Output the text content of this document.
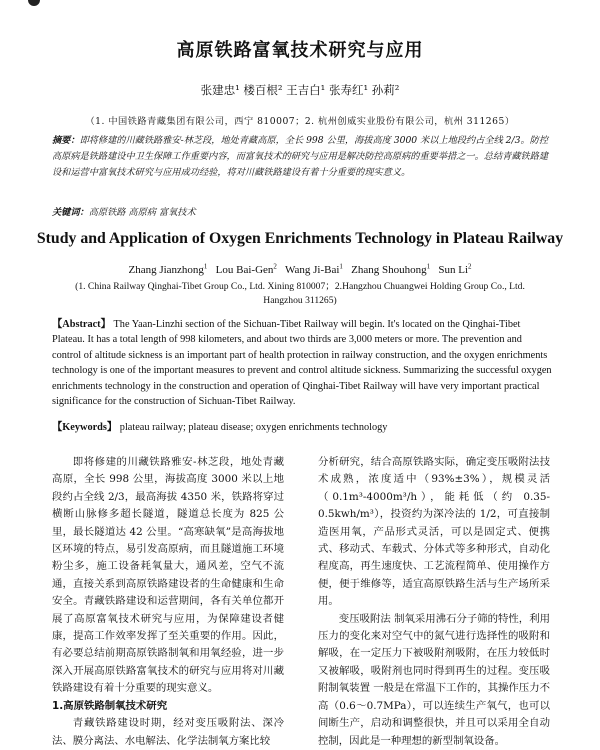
高原铁路富氧技术研究与应用
张建忠¹ 楼百根² 王吉白¹ 张寿红¹ 孙莉²
（1. 中国铁路青藏集团有限公司，西宁 810007；2. 杭州创威实业股份有限公司，杭州 311265）
摘要：即将修建的川藏铁路雅安-林芝段，地处青藏高原，全长 998 公里，海拔高度 3000 米以上地段约占全线 2/3。防控高原病是铁路建设中卫生保障工作重要内容，而富氧技术的研究与应用是解决防控高原病的重要举措之一。总结青藏铁路建设和运营中富氧技术研究与应用成功经验，将对川藏铁路建设有着十分重要的现实意义。
关键词：高原铁路 高原病 富氧技术
Study and Application of Oxygen Enrichments Technology in Plateau Railway
Zhang Jianzhong$^1$ Lou Bai-Gen$^2$ Wang Ji-Bai$^1$ Zhang Shouhong$^1$ Sun Li$^2$
(1. China Railway Qinghai-Tibet Group Co., Ltd. Xining 810007；2.Hangzhou Chuangwei Holding Group Co., Ltd. Hangzhou 311265)
【Abstract】 The Yaan-Linzhi section of the Sichuan-Tibet Railway will begin. It's located on the Qinghai-Tibet Plateau. It has a total length of 998 kilometers, and about two thirds are 3,000 meters or more. The prevention and control of altitude sickness is an important part of health protection in railway construction, and the oxygen enrichments technology is one of the important measures to prevent and control altitude sickness. Summarizing the successful oxygen enrichments technology in the construction and operation of Qinghai-Tibet Railway will have very important practical significance for the construction of Sichuan-Tibet Railway.
【Keywords】 plateau railway; plateau disease; oxygen enrichments technology

即将修建的川藏铁路雅安-林芝段，地处青藏高原，全长 998 公里，海拔高度 3000 米以上地段约占全线 2/3，最高海拔 4350 米，铁路将穿过横断山脉修多超长隧道，隧道总长度为 825 公里，最长隧道达 42 公里。“高寒缺氧”是高海拔地区环境的特点，易引发高原病，而且隧道施工环境粉尘多，施工设备耗氧量大，通风差，空气不流通，直接关系到高原铁路建设者的生命健康和生命安全。青藏铁路建设和运营期间，各有关单位都开展了高原富氧技术研究与应用，为保障建设者健康，提高工作效率发挥了至关重要的作用。因此，有必要总结前期高原铁路制氧和用氧经验，进一步深入开展高原铁路富氧技术的研究与应用将对川藏铁路建设有着十分重要的现实意义。

1.高原铁路制氧技术研究

青藏铁路建设时期，经对变压吸附法、深冷法、膜分离法、水电解法、化学法制氧方案比较

分析研究，结合高原铁路实际，确定变压吸附法技术成熟，浓度适中（93%±3%），规模灵活（0.1m³-4000m³/h），能耗低（约 0.35-0.5kwh/m³），投资约为深冷法的 1/2，可直接制造医用氧，产品形式灵活，可以是固定式、便携式、移动式、车载式、分体式等多种形式，自动化程度高，再生速度快、工艺流程简单、使用操作方便，便于维修等，适宜高原铁路生活与生产场所采用。

变压吸附法 制氧采用沸石分子筛的特性，利用压力的变化来对空气中的氮气进行选择性的吸附和解吸，在一定压力下被吸附剂吸附，在压力较低时又被解吸，吸附剂也同时得到再生的过程。变压吸附制氧装置 一般是在常温下工作的，其操作压力不高（0.6～0.7MPa），可以连续生产氧气，也可以间断生产，启动和调整很快，并且可以采用全自动控制，因此是一种理想的新型制氧设备。
